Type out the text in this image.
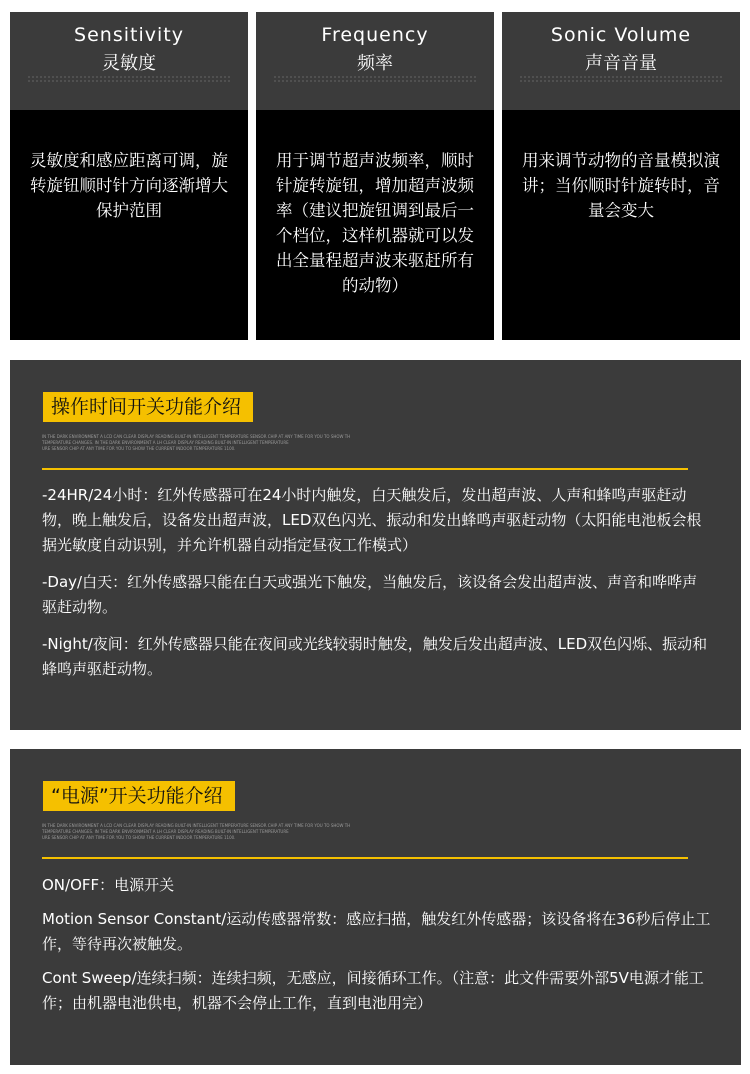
Sensitivity
灵敏度
灵敏度和感应距离可调，旋转旋钮顺时针方向逐渐增大保护范围
Frequency
频率
用于调节超声波频率，顺时针旋转旋钮，增加超声波频率（建议把旋钮调到最后一个档位，这样机器就可以发出全量程超声波来驱赶所有的动物）
Sonic Volume
声音音量
用来调节动物的音量模拟演讲；当你顺时针旋转时，音量会变大
操作时间开关功能介绍
IN THE DARK ENVIRONMENT A LCD CAN CLEAR DISPLAY READING BUILT-IN INTELLIGENT TEMPERATURE SENSOR CHIP AT ANY TIME FOR YOU TO SHOW TH
TEMPERATURE CHANGES. IN THE DARK ENVIRONMENT A LH CLEAR DISPLAY READING BUILT-IN INTELLIGENT TEMPERATURE
URE SENSOR CHIP AT ANY TIME FOR YOU TO SHOW THE CURRENT INDOOR TEMPERATURE 1100.

-24HR/24小时：红外传感器可在24小时内触发，白天触发后，发出超声波、人声和蜂鸣声驱赶动物，晚上触发后，设备发出超声波，LED双色闪光、振动和发出蜂鸣声驱赶动物（太阳能电池板会根据光敏度自动识别，并允许机器自动指定昼夜工作模式）

-Day/白天：红外传感器只能在白天或强光下触发，当触发后，该设备会发出超声波、声音和哗哗声驱赶动物。

-Night/夜间：红外传感器只能在夜间或光线较弱时触发，触发后发出超声波、LED双色闪烁、振动和蜂鸣声驱赶动物。

“电源”开关功能介绍
IN THE DARK ENVIRONMENT A LCD CAN CLEAR DISPLAY READING BUILT-IN INTELLIGENT TEMPERATURE SENSOR CHIP AT ANY TIME FOR YOU TO SHOW TH
TEMPERATURE CHANGES. IN THE DARK ENVIRONMENT A LH CLEAR DISPLAY READING BUILT-IN INTELLIGENT TEMPERATURE
URE SENSOR CHIP AT ANY TIME FOR YOU TO SHOW THE CURRENT INDOOR TEMPERATURE 1100.

ON/OFF：电源开关

Motion Sensor Constant/运动传感器常数：感应扫描，触发红外传感器；该设备将在36秒后停止工作，等待再次被触发。

Cont Sweep/连续扫频：连续扫频，无感应，间接循环工作。（注意：此文件需要外部5V电源才能工作；由机器电池供电，机器不会停止工作，直到电池用完）
